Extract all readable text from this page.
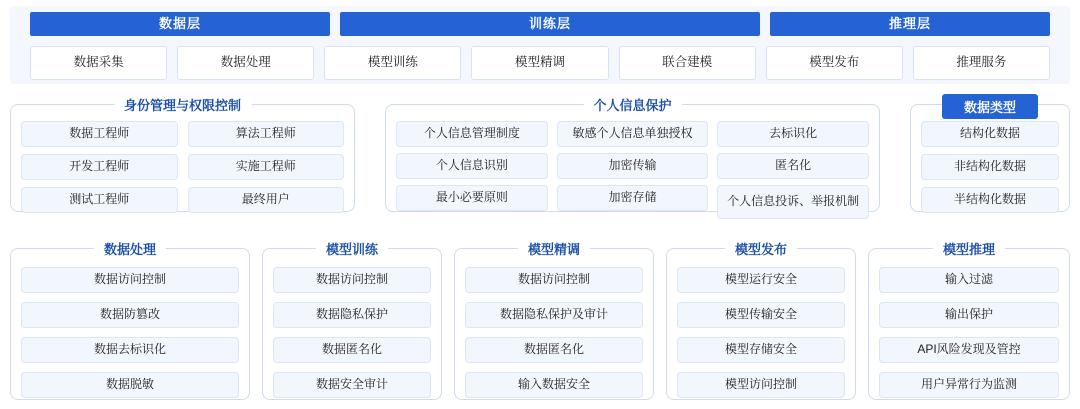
数据层	训练层	推理层
数据采集	数据处理	模型训练	模型精调	联合建模	模型发布	推理服务
身份管理与权限控制
数据工程师	算法工程师
开发工程师	实施工程师
测试工程师	最终用户
个人信息保护
个人信息管理制度	敏感个人信息单独授权	去标识化
个人信息识别	加密传输	匿名化
最小必要原则	加密存储	个人信息投诉、举报机制
数据类型
结构化数据
非结构化数据
半结构化数据
数据处理
数据访问控制
数据防篡改
数据去标识化
数据脱敏
模型训练
数据访问控制
数据隐私保护
数据匿名化
数据安全审计
模型精调
数据访问控制
数据隐私保护及审计
数据匿名化
输入数据安全
模型发布
模型运行安全
模型传输安全
模型存储安全
模型访问控制
模型推理
输入过滤
输出保护
API风险发现及管控
用户异常行为监测
